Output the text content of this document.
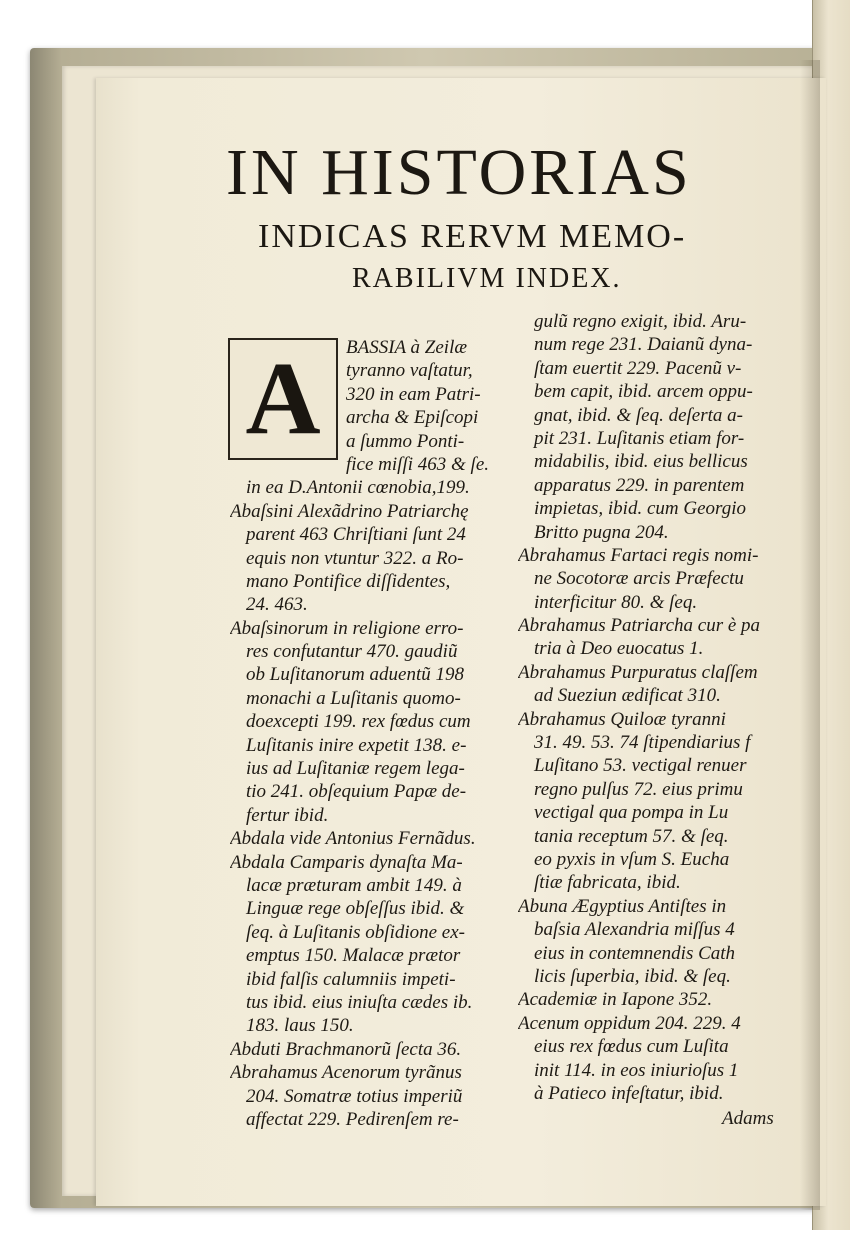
IN HISTORIAS
INDICAS RERVM MEMO-
RABILIVM INDEX.
A	BASSIA à Zeilæ
tyranno vaſtatur,
320 in eam Patri-
archa & Epiſcopi
a ſummo Ponti-
fice miſſi 463 & ſe.
in ea D.Antonii cœnobia,199.
Abaſsini Alexãdrino Patriarchę
parent 463 Chriſtiani ſunt 24
equis non vtuntur 322. a Ro-
mano Pontifice diſſidentes,
24. 463.
Abaſsinorum in religione erro-
res confutantur 470. gaudiũ
ob Luſitanorum aduentũ 198
monachi a Luſitanis quomo-
doexcepti 199. rex fœdus cum
Luſitanis inire expetit 138. e-
ius ad Luſitaniæ regem lega-
tio 241. obſequium Papæ de-
fertur ibid.
Abdala vide Antonius Fernãdus.
Abdala Camparis dynaſta Ma-
lacæ præturam ambit 149. à
Linguæ rege obſeſſus ibid. &
ſeq. à Luſitanis obſidione ex-
emptus 150. Malacæ prætor
ibid falſis calumniis impeti-
tus ibid. eius iniuſta cædes ib.
183. laus 150.
Abduti Brachmanorũ ſecta 36.
Abrahamus Acenorum tyrãnus
204. Somatræ totius imperiũ
affectat 229. Pedirenſem re-
gulũ regno exigit, ibid. Aru-
num rege 231. Daianũ dyna-
ſtam euertit 229. Pacenũ v-
bem capit, ibid. arcem oppu-
gnat, ibid. & ſeq. deſerta a-
pit 231. Luſitanis etiam for-
midabilis, ibid. eius bellicus
apparatus 229. in parentem
impietas, ibid. cum Georgio
Britto pugna 204.
Abrahamus Fartaci regis nomi-
ne Socotoræ arcis Præfectu
interficitur 80. & ſeq.
Abrahamus Patriarcha cur è pa
tria à Deo euocatus 1.
Abrahamus Purpuratus claſſem
ad Sueziun ædificat 310.
Abrahamus Quiloæ tyranni
31. 49. 53. 74 ſtipendiarius f
Luſitano 53. vectigal renuer
regno pulſus 72. eius primu
vectigal qua pompa in Lu
tania receptum 57. & ſeq.
eo pyxis in vſum S. Eucha
ſtiæ fabricata, ibid.
Abuna Ægyptius Antiſtes in
baſsia Alexandria miſſus 4
eius in contemnendis Cath
licis ſuperbia, ibid. & ſeq.
Academiæ in Iapone 352.
Acenum oppidum 204. 229. 4
eius rex fœdus cum Luſita
init 114. in eos iniurioſus 1
à Patieco infeſtatur, ibid.
Adams
